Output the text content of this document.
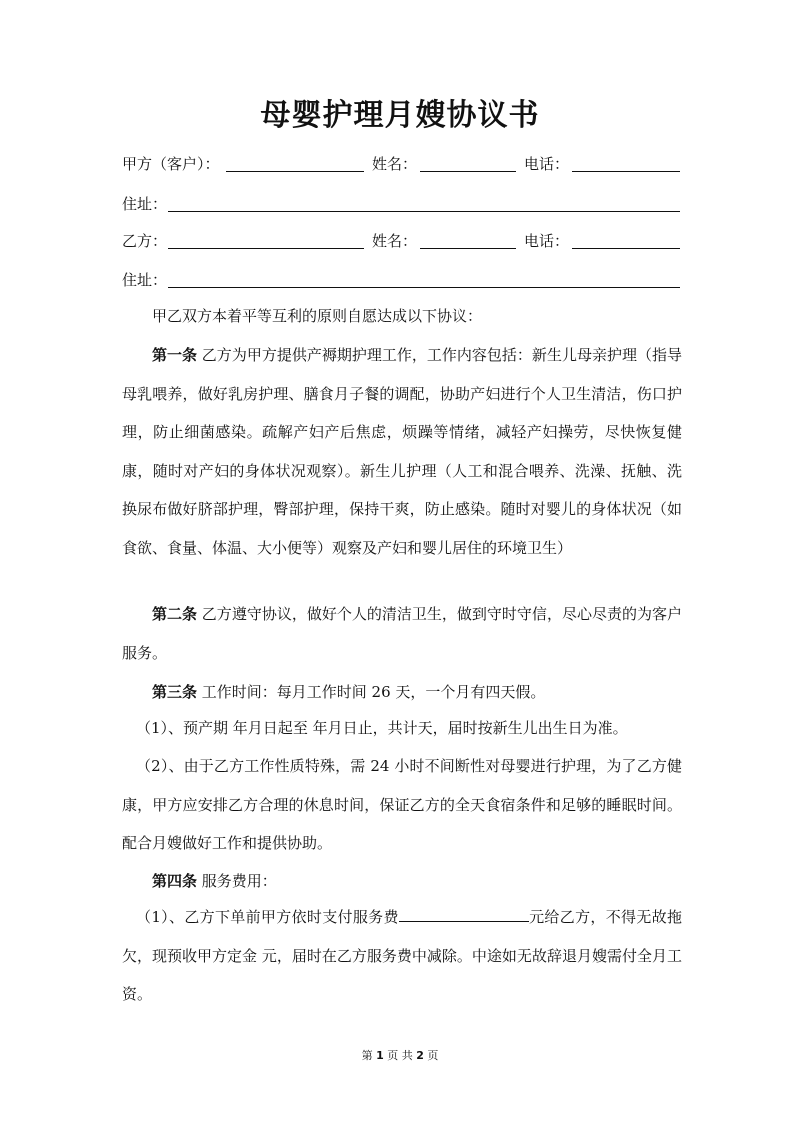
母婴护理月嫂协议书
甲方（客户）：	姓名：	电话：
住址：
乙方：	姓名：	电话：
住址：

甲乙双方本着平等互利的原则自愿达成以下协议：

第一条 乙方为甲方提供产褥期护理工作，工作内容包括：新生儿母亲护理（指导母乳喂养，做好乳房护理、膳食月子餐的调配，协助产妇进行个人卫生清洁，伤口护理，防止细菌感染。疏解产妇产后焦虑，烦躁等情绪，减轻产妇操劳，尽快恢复健康，随时对产妇的身体状况观察）。新生儿护理（人工和混合喂养、洗澡、抚触、洗换尿布做好脐部护理，臀部护理，保持干爽，防止感染。随时对婴儿的身体状况（如食欲、食量、体温、大小便等）观察及产妇和婴儿居住的环境卫生）

第二条 乙方遵守协议，做好个人的清洁卫生，做到守时守信，尽心尽责的为客户服务。

第三条 工作时间：每月工作时间 26 天，一个月有四天假。

（1）、预产期 年月日起至 年月日止，共计天，届时按新生儿出生日为准。

（2）、由于乙方工作性质特殊，需 24 小时不间断性对母婴进行护理，为了乙方健康，甲方应安排乙方合理的休息时间，保证乙方的全天食宿条件和足够的睡眠时间。配合月嫂做好工作和提供协助。

第四条 服务费用：

（1）、乙方下单前甲方依时支付服务费	元给乙方，不得无故拖欠，现预收甲方定金 元，届时在乙方服务费中减除。中途如无故辞退月嫂需付全月工资。

第 1 页 共 2 页
